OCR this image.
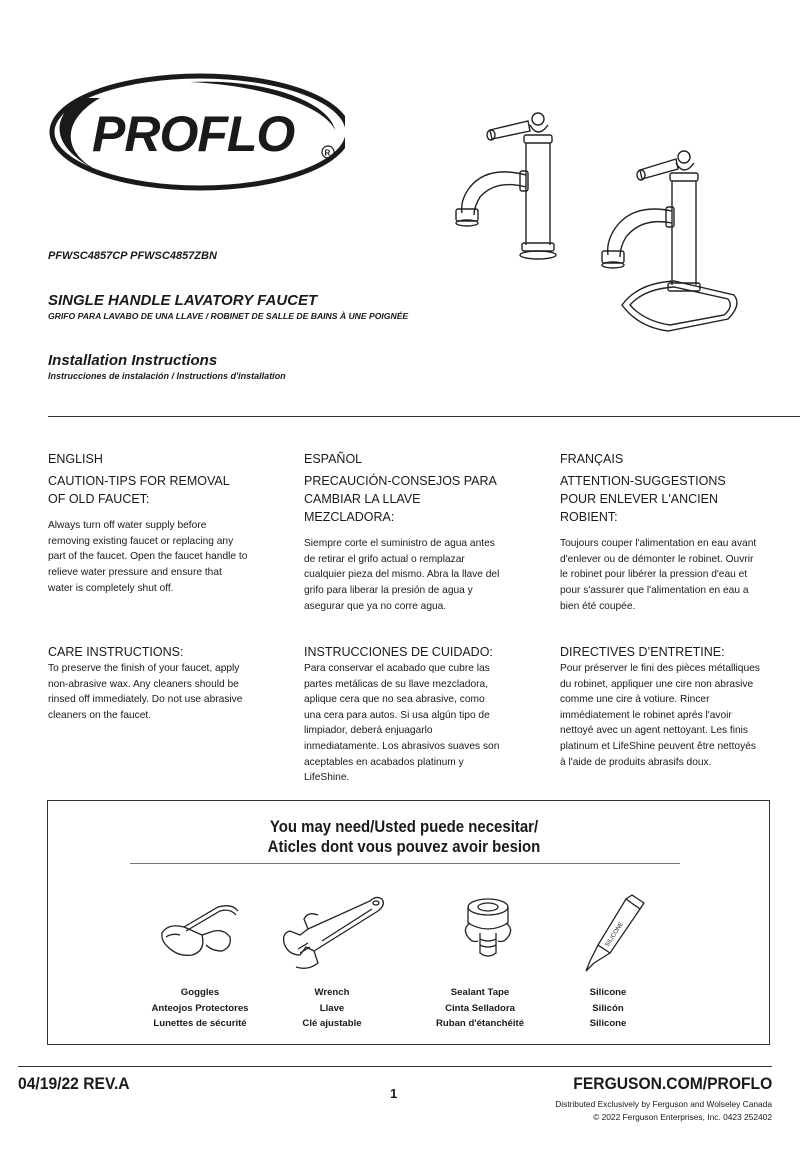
PROFLO	R
PFWSC4857CP PFWSC4857ZBN
SINGLE HANDLE LAVATORY FAUCET
GRIFO PARA LAVABO DE UNA LLAVE / ROBINET DE SALLE DE BAINS À UNE POIGNÉE
Installation Instructions
Instrucciones de instalación / Instructions d'installation
ENGLISH
CAUTION-TIPS FOR REMOVAL OF OLD FAUCET:
Always turn off water supply before removing existing faucet or replacing any part of the faucet. Open the faucet handle to relieve water pressure and ensure that water is completely shut off.
CARE INSTRUCTIONS:
To preserve the finish of your faucet, apply non-abrasive wax. Any cleaners should be rinsed off immediately. Do not use abrasive cleaners on the faucet.
ESPAÑOL
PRECAUCIÓN-CONSEJOS PARA CAMBIAR LA LLAVE MEZCLADORA:
Siempre corte el suministro de agua antes de retirar el grifo actual o remplazar cualquier pieza del mismo. Abra la llave del grifo para liberar la presión de agua y asegurar que ya no corre agua.
INSTRUCCIONES DE CUIDADO:
Para conservar el acabado que cubre las partes metálicas de su llave mezcladora, aplique cera que no sea abrasive, como una cera para autos. Si usa algún tipo de limpiador, deberá enjuagarlo inmediatamente. Los abrasivos suaves son aceptables en acabados platinum y LifeShine.
FRANÇAIS
ATTENTION-SUGGESTIONS POUR ENLEVER L'ANCIEN ROBIENT:
Toujours couper l'alimentation en eau avant d'enlever ou de démonter le robinet. Ouvrir le robinet pour libérer la pression d'eau et pour s'assurer que l'alimentation en eau a bien été coupée.
DIRECTIVES D’ENTRETINE:
Pour préserver le fini des pièces métalliques du robinet, appliquer une cire non abrasive comme une cire à votiure. Rincer immédiatement le robinet aprés l'avoir nettoyé avec un agent nettoyant. Les finis platinum et LifeShine peuvent être nettoyés à l'aide de produits abrasifs doux.
You may need/Usted puede necesitar/
Aticles dont vous pouvez avoir besion
SILICONE
Goggles
Anteojos Protectores
Lunettes de sécurité
Wrench
Llave
Clé ajustable
Sealant Tape
Cinta Selladora
Ruban d'étanchéité
Silicone
Silicón
Silicone
04/19/22 REV.A
1
FERGUSON.COM/PROFLO
Distributed Exclusively by Ferguson and Wolseley Canada
© 2022 Ferguson Enterprises, Inc. 0423 252402
